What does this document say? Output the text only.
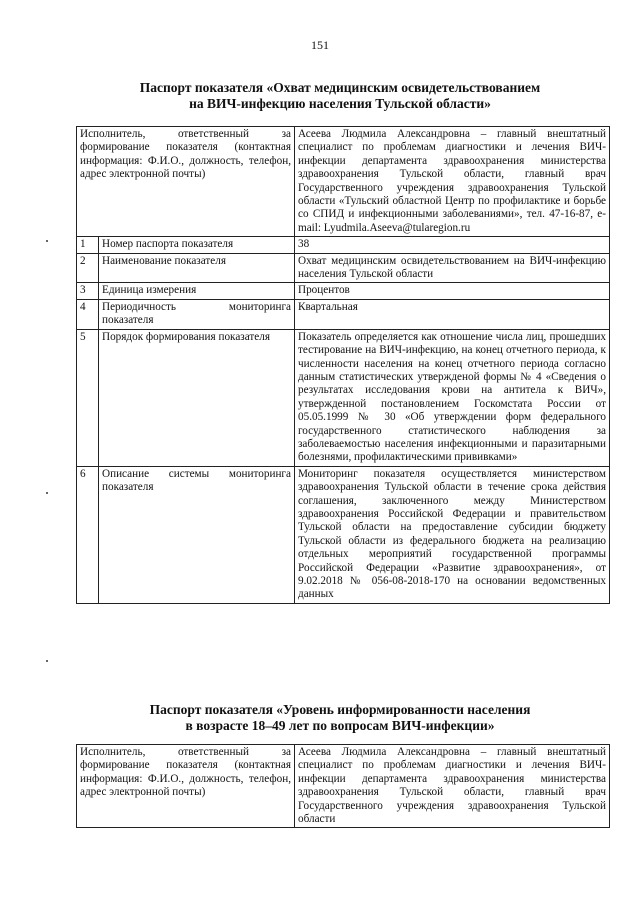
151
Паспорт показателя «Охват медицинским освидетельствованием
на ВИЧ-инфекцию населения Тульской области»
Исполнитель, ответственный за формирование показателя (контактная информация: Ф.И.О., должность, телефон, адрес электронной почты)		Асеева Людмила Александровна – главный внештатный специалист по проблемам диагностики и лечения ВИЧ-инфекции департамента здравоохранения министерства здравоохранения Тульской области, главный врач Государственного учреждения здравоохранения Тульской области «Тульский областной Центр по профилактике и борьбе со СПИД и инфекционными заболеваниями», тел. 47-16-87, e-mail: Lyudmila.Aseeva@tularegion.ru
1	Номер паспорта показателя	38
2	Наименование показателя	Охват медицинским освидетельствованием на ВИЧ-инфекцию населения Тульской области
3	Единица измерения	Процентов
4	Периодичность мониторинга показателя	Квартальная
5	Порядок формирования показателя	Показатель определяется как отношение числа лиц, прошедших тестирование на ВИЧ-инфекцию, на конец отчетного периода, к численности населения на конец отчетного периода согласно данным статистических утвержденой формы № 4 «Сведения о результатах исследования крови на антитела к ВИЧ», утвержденной постановлением Госкомстата России от 05.05.1999 № 30 «Об утверждении форм федерального государственного статистического наблюдения за заболеваемостью населения инфекционными и паразитарными болезнями, профилактическими прививками»
6	Описание системы мониторинга показателя	Мониторинг показателя осуществляется министерством здравоохранения Тульской области в течение срока действия соглашения, заключенного между Министерством здравоохранения Российской Федерации и правительством Тульской области на предоставление субсидии бюджету Тульской области из федерального бюджета на реализацию отдельных мероприятий государственной программы Российской Федерации «Развитие здравоохранения», от 9.02.2018 № 056-08-2018-170 на основании ведомственных данных
Паспорт показателя «Уровень информированности населения
в возрасте 18–49 лет по вопросам ВИЧ-инфекции»
Исполнитель, ответственный за формирование показателя (контактная информация: Ф.И.О., должность, телефон, адрес электронной почты)	Асеева Людмила Александровна – главный внештатный специалист по проблемам диагностики и лечения ВИЧ-инфекции департамента здравоохранения министерства здравоохранения Тульской области, главный врач Государственного учреждения здравоохранения Тульской области
